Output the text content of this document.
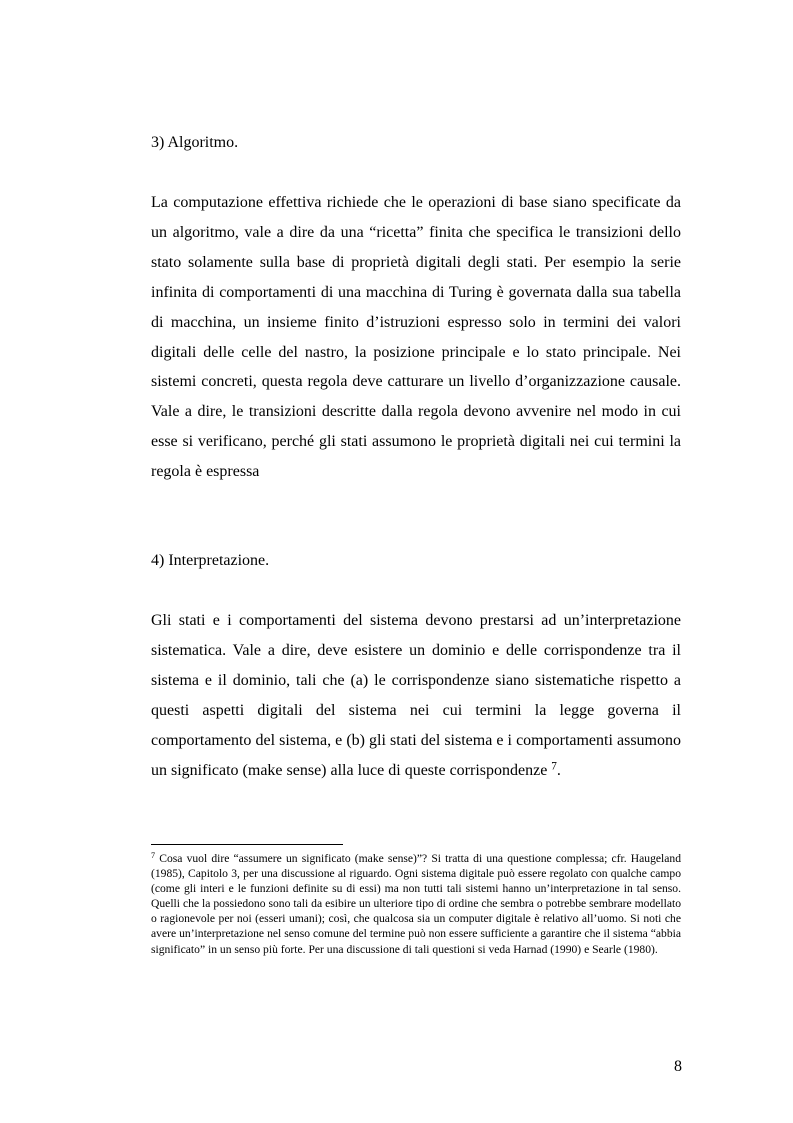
3) Algoritmo.

La computazione effettiva richiede che le operazioni di base siano specificate da un algoritmo, vale a dire da una “ricetta” finita che specifica le transizioni dello stato solamente sulla base di proprietà digitali degli stati. Per esempio la serie infinita di comportamenti di una macchina di Turing è governata dalla sua tabella di macchina, un insieme finito d’istruzioni espresso solo in termini dei valori digitali delle celle del nastro, la posizione principale e lo stato principale. Nei sistemi concreti, questa regola deve catturare un livello d’organizzazione causale. Vale a dire, le transizioni descritte dalla regola devono avvenire nel modo in cui esse si verificano, perché gli stati assumono le proprietà digitali nei cui termini la regola è espressa

4) Interpretazione.

Gli stati e i comportamenti del sistema devono prestarsi ad un’interpretazione sistematica. Vale a dire, deve esistere un dominio e delle corrispondenze tra il sistema e il dominio, tali che (a) le corrispondenze siano sistematiche rispetto a questi aspetti digitali del sistema nei cui termini la legge governa il comportamento del sistema, e (b) gli stati del sistema e i comportamenti assumono un significato (make sense) alla luce di queste corrispondenze $^7$.

$^7$ Cosa vuol dire “assumere un significato (make sense)”? Si tratta di una questione complessa; cfr. Haugeland (1985), Capitolo 3, per una discussione al riguardo. Ogni sistema digitale può essere regolato con qualche campo (come gli interi e le funzioni definite su di essi) ma non tutti tali sistemi hanno un’interpretazione in tal senso. Quelli che la possiedono sono tali da esibire un ulteriore tipo di ordine che sembra o potrebbe sembrare modellato o ragionevole per noi (esseri umani); così, che qualcosa sia un computer digitale è relativo all’uomo. Si noti che avere un’interpretazione nel senso comune del termine può non essere sufficiente a garantire che il sistema “abbia significato” in un senso più forte. Per una discussione di tali questioni si veda Harnad (1990) e Searle (1980).

8
